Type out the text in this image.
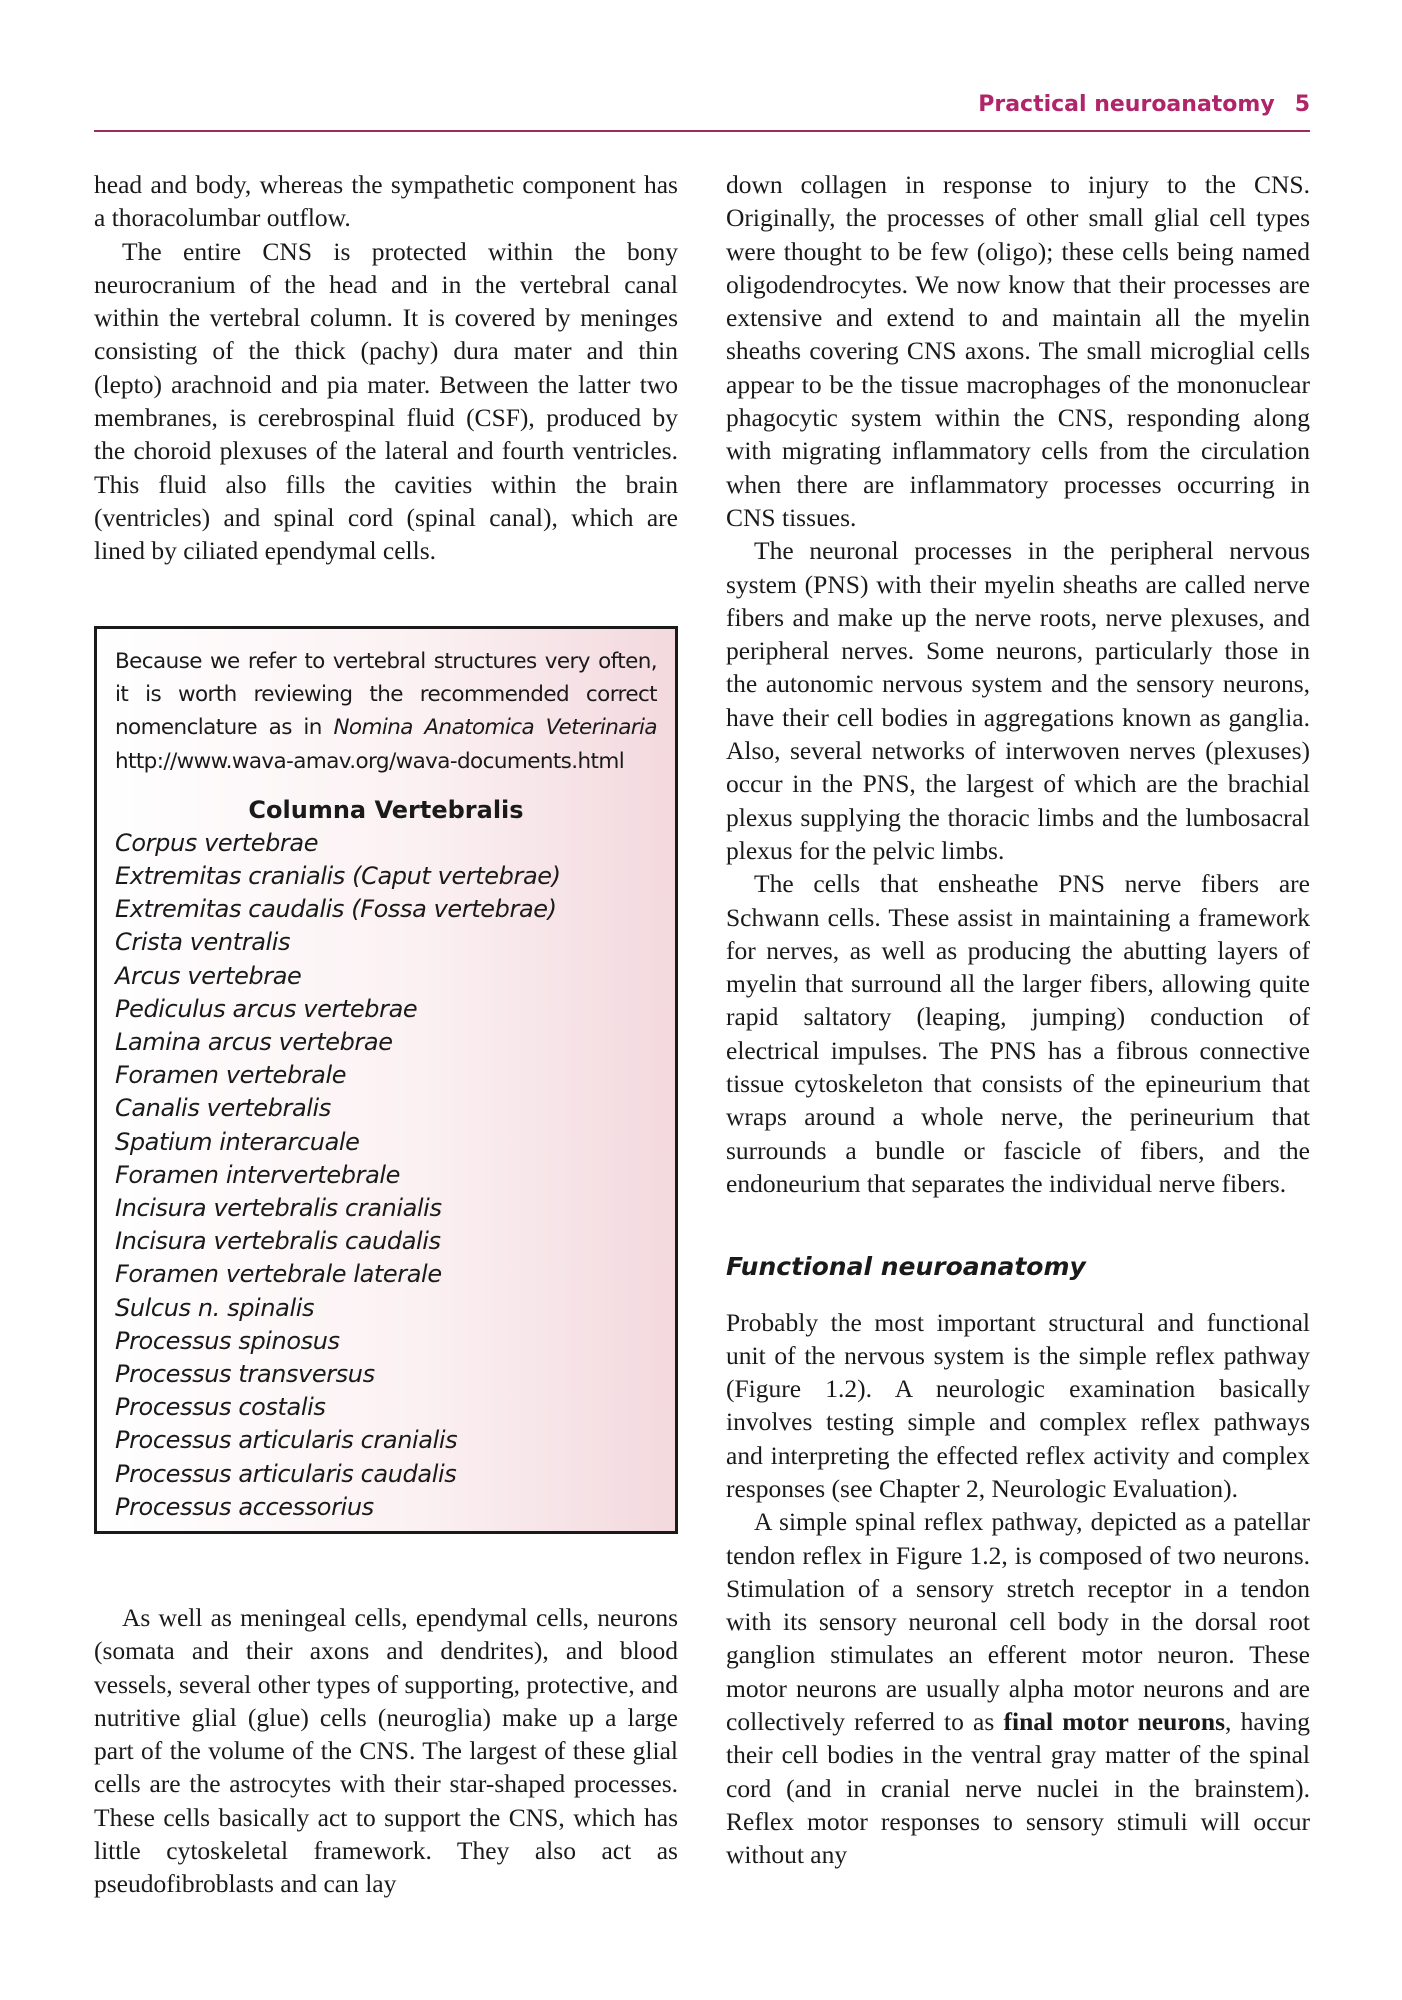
Practical neuroanatomy 5

head and body, whereas the sympathetic component has a thoracolumbar outflow.

The entire CNS is protected within the bony neurocranium of the head and in the vertebral canal within the vertebral column. It is covered by meninges consisting of the thick (pachy) dura mater and thin (lepto) arachnoid and pia mater. Between the latter two membranes, is cerebrospinal fluid (CSF), produced by the choroid plexuses of the lateral and fourth ventricles. This fluid also fills the cavities within the brain (ventricles) and spinal cord (spinal canal), which are lined by ciliated ependymal cells.

Because we refer to vertebral structures very often, it is worth reviewing the recommended correct nomenclature as in Nomina Anatomica Veterinaria http://www.wava-amav.org/wava-documents.html

Columna Vertebralis
Corpus vertebrae
Extremitas cranialis (Caput vertebrae)
Extremitas caudalis (Fossa vertebrae)
Crista ventralis
Arcus vertebrae
Pediculus arcus vertebrae
Lamina arcus vertebrae
Foramen vertebrale
Canalis vertebralis
Spatium interarcuale
Foramen intervertebrale
Incisura vertebralis cranialis
Incisura vertebralis caudalis
Foramen vertebrale laterale
Sulcus n. spinalis
Processus spinosus
Processus transversus
Processus costalis
Processus articularis cranialis
Processus articularis caudalis
Processus accessorius

As well as meningeal cells, ependymal cells, neurons (somata and their axons and dendrites), and blood vessels, several other types of supporting, protective, and nutritive glial (glue) cells (neuroglia) make up a large part of the volume of the CNS. The largest of these glial cells are the astrocytes with their star-shaped processes. These cells basically act to support the CNS, which has little cytoskeletal framework. They also act as pseudofibroblasts and can lay

down collagen in response to injury to the CNS. Originally, the processes of other small glial cell types were thought to be few (oligo); these cells being named oligodendrocytes. We now know that their processes are extensive and extend to and maintain all the myelin sheaths covering CNS axons. The small microglial cells appear to be the tissue macrophages of the mononuclear phagocytic system within the CNS, responding along with migrating inflammatory cells from the circulation when there are inflammatory processes occurring in CNS tissues.

The neuronal processes in the peripheral nervous system (PNS) with their myelin sheaths are called nerve fibers and make up the nerve roots, nerve plexuses, and peripheral nerves. Some neurons, particularly those in the autonomic nervous system and the sensory neurons, have their cell bodies in aggregations known as ganglia. Also, several networks of interwoven nerves (plexuses) occur in the PNS, the largest of which are the brachial plexus supplying the thoracic limbs and the lumbosacral plexus for the pelvic limbs.

The cells that ensheathe PNS nerve fibers are Schwann cells. These assist in maintaining a framework for nerves, as well as producing the abutting layers of myelin that surround all the larger fibers, allowing quite rapid saltatory (leaping, jumping) conduction of electrical impulses. The PNS has a fibrous connective tissue cytoskeleton that consists of the epineurium that wraps around a whole nerve, the perineurium that surrounds a bundle or fascicle of fibers, and the endoneurium that separates the individual nerve fibers.

Functional neuroanatomy

Probably the most important structural and functional unit of the nervous system is the simple reflex pathway (Figure 1.2). A neurologic examination basically involves testing simple and complex reflex pathways and interpreting the effected reflex activity and complex responses (see Chapter 2, Neurologic Evaluation).

A simple spinal reflex pathway, depicted as a patellar tendon reflex in Figure 1.2, is composed of two neurons. Stimulation of a sensory stretch receptor in a tendon with its sensory neuronal cell body in the dorsal root ganglion stimulates an efferent motor neuron. These motor neurons are usually alpha motor neurons and are collectively referred to as final motor neurons, having their cell bodies in the ventral gray matter of the spinal cord (and in cranial nerve nuclei in the brainstem). Reflex motor responses to sensory stimuli will occur without any
